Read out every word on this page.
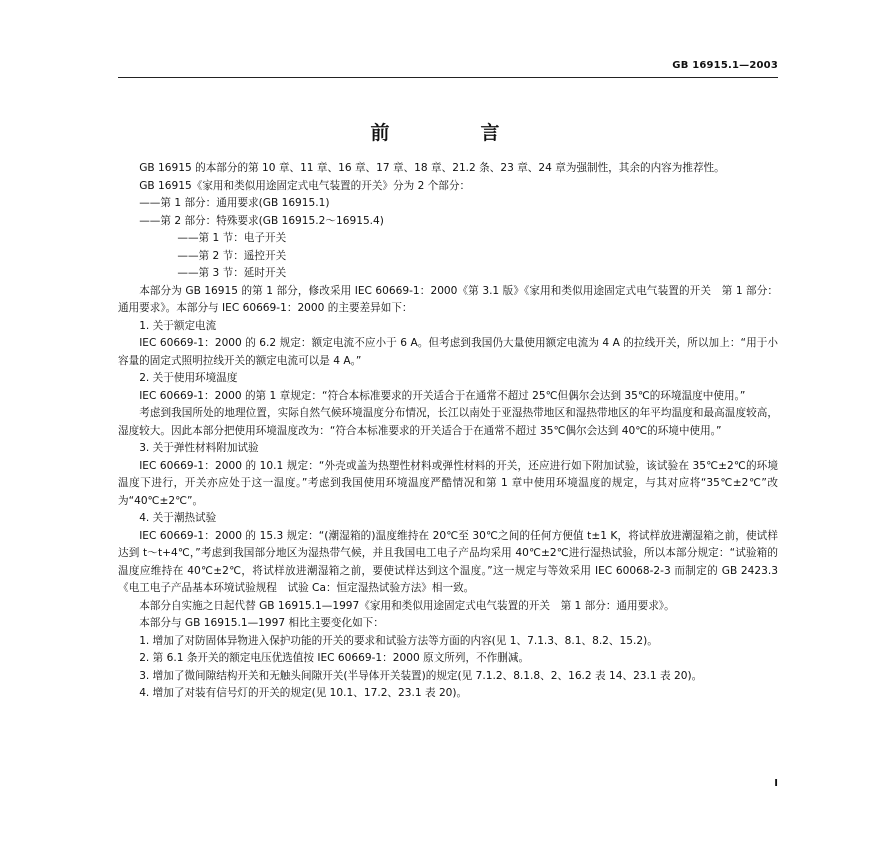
GB 16915.1—2003
前　言

GB 16915 的本部分的第 10 章、11 章、16 章、17 章、18 章、21.2 条、23 章、24 章为强制性，其余的内容为推荐性。

GB 16915《家用和类似用途固定式电气装置的开关》分为 2 个部分：

——第 1 部分：通用要求(GB 16915.1)

——第 2 部分：特殊要求(GB 16915.2～16915.4)

——第 1 节：电子开关

——第 2 节：遥控开关

——第 3 节：延时开关

本部分为 GB 16915 的第 1 部分，修改采用 IEC 60669-1：2000《第 3.1 版》《家用和类似用途固定式电气装置的开关　第 1 部分：通用要求》。本部分与 IEC 60669-1：2000 的主要差异如下：

1. 关于额定电流

IEC 60669-1：2000 的 6.2 规定：额定电流不应小于 6 A。但考虑到我国仍大量使用额定电流为 4 A 的拉线开关，所以加上：“用于小容量的固定式照明拉线开关的额定电流可以是 4 A。”

2. 关于使用环境温度

IEC 60669-1：2000 的第 1 章规定：“符合本标准要求的开关适合于在通常不超过 25℃但偶尔会达到 35℃的环境温度中使用。”

考虑到我国所处的地理位置，实际自然气候环境温度分布情况，长江以南处于亚湿热带地区和湿热带地区的年平均温度和最高温度较高，湿度较大。因此本部分把使用环境温度改为：“符合本标准要求的开关适合于在通常不超过 35℃偶尔会达到 40℃的环境中使用。”

3. 关于弹性材料附加试验

IEC 60669-1：2000 的 10.1 规定：“外壳或盖为热塑性材料或弹性材料的开关，还应进行如下附加试验，该试验在 35℃±2℃的环境温度下进行，开关亦应处于这一温度。”考虑到我国使用环境温度严酷情况和第 1 章中使用环境温度的规定，与其对应将“35℃±2℃”改为“40℃±2℃”。

4. 关于潮热试验

IEC 60669-1：2000 的 15.3 规定：“(潮湿箱的)温度维持在 20℃至 30℃之间的任何方便值 t±1 K，将试样放进潮湿箱之前，使试样达到 t～t+4℃，”考虑到我国部分地区为湿热带气候，并且我国电工电子产品均采用 40℃±2℃进行湿热试验，所以本部分规定：“试验箱的温度应维持在 40℃±2℃，将试样放进潮湿箱之前，要使试样达到这个温度。”这一规定与等效采用 IEC 60068-2-3 而制定的 GB 2423.3《电工电子产品基本环境试验规程　试验 Ca：恒定湿热试验方法》相一致。

本部分自实施之日起代替 GB 16915.1—1997《家用和类似用途固定式电气装置的开关　第 1 部分：通用要求》。

本部分与 GB 16915.1—1997 相比主要变化如下：

1. 增加了对防固体异物进入保护功能的开关的要求和试验方法等方面的内容(见 1、7.1.3、8.1、8.2、15.2)。

2. 第 6.1 条开关的额定电压优选值按 IEC 60669-1：2000 原文所列，不作删减。

3. 增加了微间隙结构开关和无触头间隙开关(半导体开关装置)的规定(见 7.1.2、8.1.8、2、16.2 表 14、23.1 表 20)。

4. 增加了对装有信号灯的开关的规定(见 10.1、17.2、23.1 表 20)。

I
